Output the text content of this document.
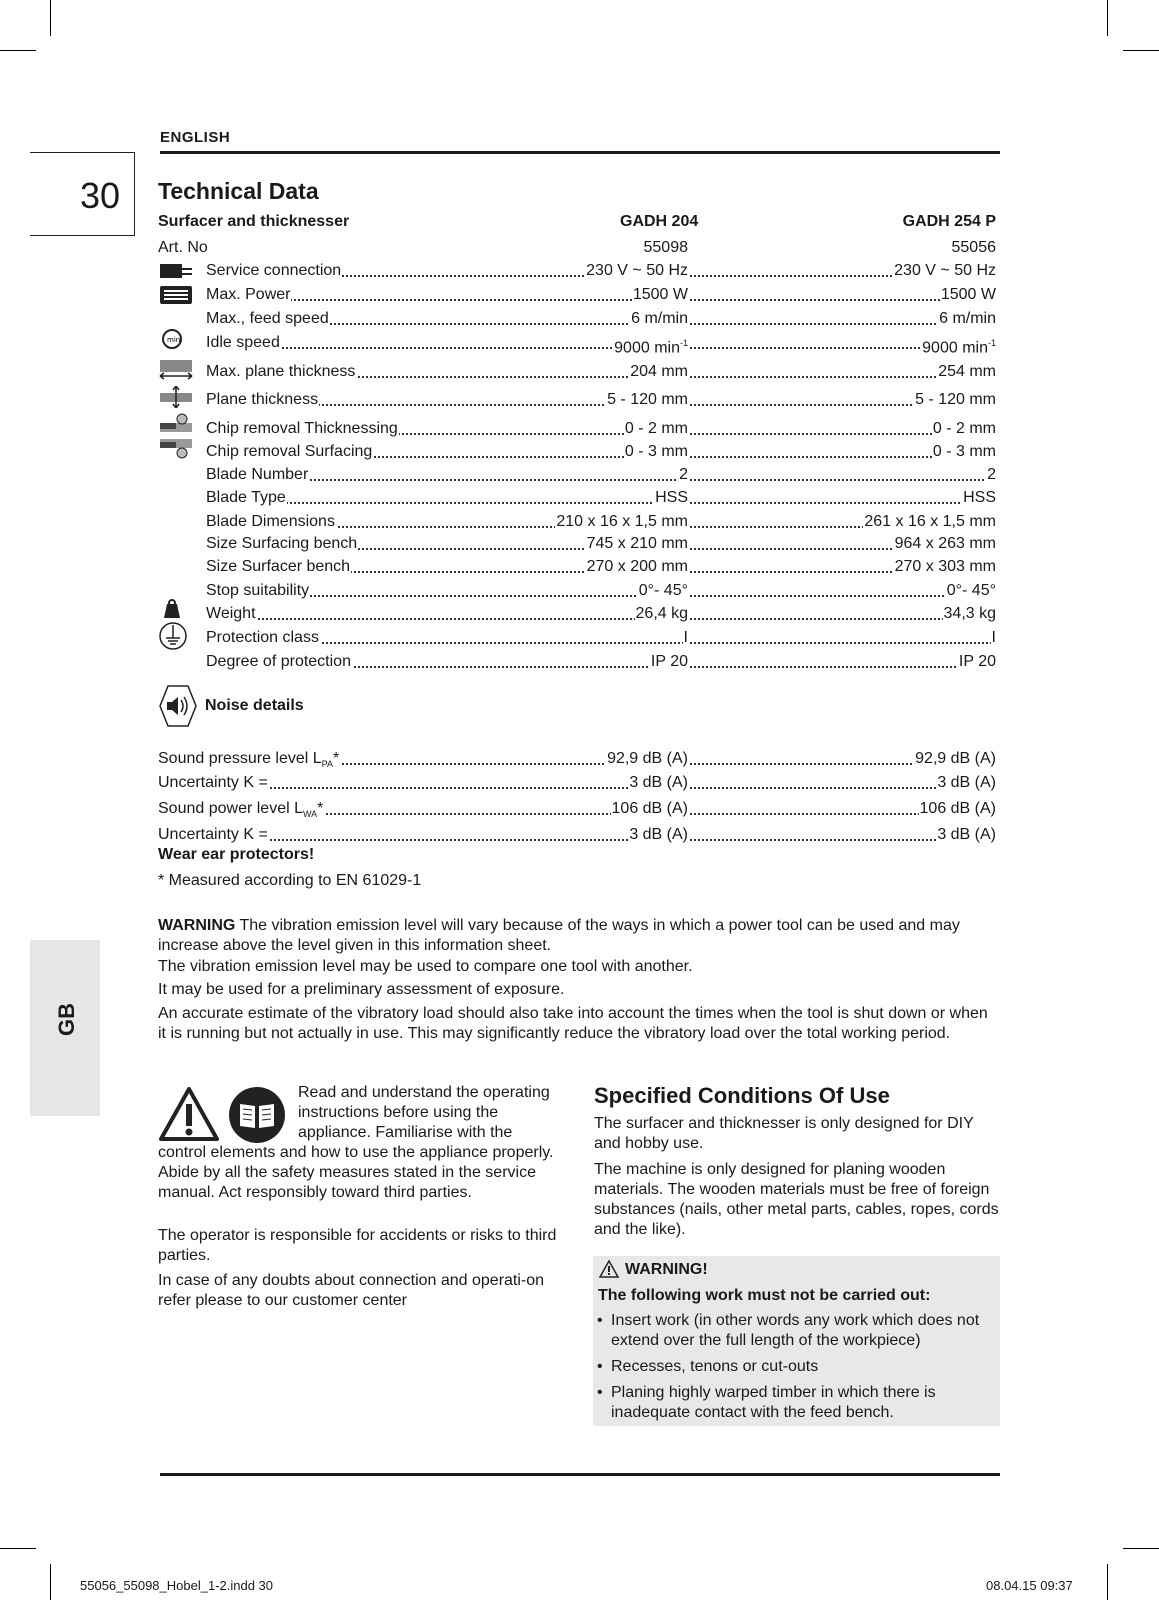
ENGLISH
30
GB
Technical Data
Surfacer and thicknesser	GADH 204	GADH 254 P
Art. No	55098	55056
Service connection	230 V ~ 50 Hz	230 V ~ 50 Hz
Max. Power	1500 W	1500 W
Max., feed speed	6 m/min	6 m/min
Idle speed	9000 $\min^{-1}$	9000 $\min^{-1}$
Max. plane thickness	204 mm	254 mm
Plane thickness	5 - 120 mm	5 - 120 mm
Chip removal Thicknessing	0 - 2 mm	0 - 2 mm
Chip removal Surfacing	0 - 3 mm	0 - 3 mm
Blade Number	2	2
Blade Type	HSS	HSS
Blade Dimensions	210 x 16 x 1,5 mm	261 x 16 x 1,5 mm
Size Surfacing bench	745 x 210 mm	964 x 263 mm
Size Surfacer bench	270 x 200 mm	270 x 303 mm
Stop suitability	0°- 45°	0°- 45°
Weight	26,4 kg	34,3 kg
Protection class	I	I
Degree of protection	IP 20	IP 20
min
Noise details
Sound pressure level $L_{PA}*$	92,9 dB (A)	92,9 dB (A)
Uncertainty K =	3 dB (A)	3 dB (A)
Sound power level $L_{WA}*$	106 dB (A)	106 dB (A)
Uncertainty K =	3 dB (A)	3 dB (A)
Wear ear protectors!
* Measured according to EN 61029-1
WARNING The vibration emission level will vary because of the ways in which a power tool can be used and may increase above the level given in this information sheet.
The vibration emission level may be used to compare one tool with another.
It may be used for a preliminary assessment of exposure.
An accurate estimate of the vibratory load should also take into account the times when the tool is shut down or when it is running but not actually in use. This may significantly reduce the vibratory load over the total working period.
Read and understand the operating instructions before using the appliance. Familiarise with the
control elements and how to use the appliance properly. Abide by all the safety measures stated in the service manual. Act responsibly toward third parties.
The operator is responsible for accidents or risks to third parties.
In case of any doubts about connection and operati-on refer please to our customer center
Specified Conditions Of Use
The surfacer and thicknesser is only designed for DIY and hobby use.
The machine is only designed for planing wooden materials. The wooden materials must be free of foreign substances (nails, other metal parts, cables, ropes, cords and the like).
WARNING!
The following work must not be carried out:
• Insert work (in other words any work which does not extend over the full length of the workpiece)
• Recesses, tenons or cut-outs
• Planing highly warped timber in which there is inadequate contact with the feed bench.
55056_55098_Hobel_1-2.indd 30	08.04.15 09:37
